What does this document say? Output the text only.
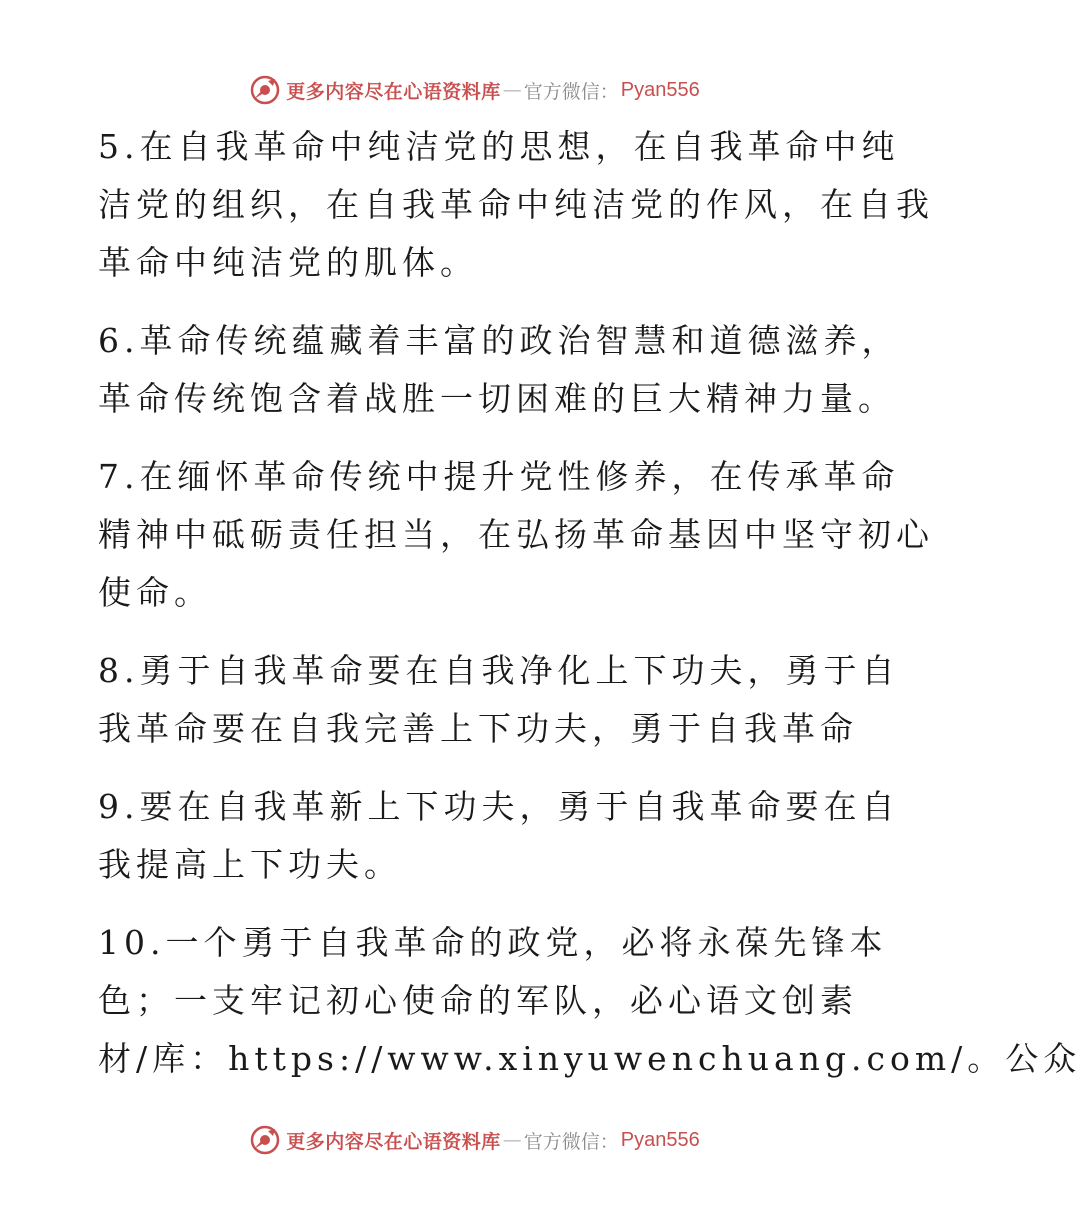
更多内容尽在心语资料库 — 官方微信： Pyan556
5.在自我革命中纯洁党的思想，在自我革命中纯
洁党的组织，在自我革命中纯洁党的作风，在自我
革命中纯洁党的肌体。
6.革命传统蕴藏着丰富的政治智慧和道德滋养，
革命传统饱含着战胜一切困难的巨大精神力量。
7.在缅怀革命传统中提升党性修养，在传承革命
精神中砥砺责任担当，在弘扬革命基因中坚守初心
使命。
8.勇于自我革命要在自我净化上下功夫，勇于自
我革命要在自我完善上下功夫，勇于自我革命
9.要在自我革新上下功夫，勇于自我革命要在自
我提高上下功夫。
10.一个勇于自我革命的政党，必将永葆先锋本
色；一支牢记初心使命的军队，必心语文创素
材/库：https://www.xinyuwenchuang.com/。公众
更多内容尽在心语资料库 — 官方微信： Pyan556
